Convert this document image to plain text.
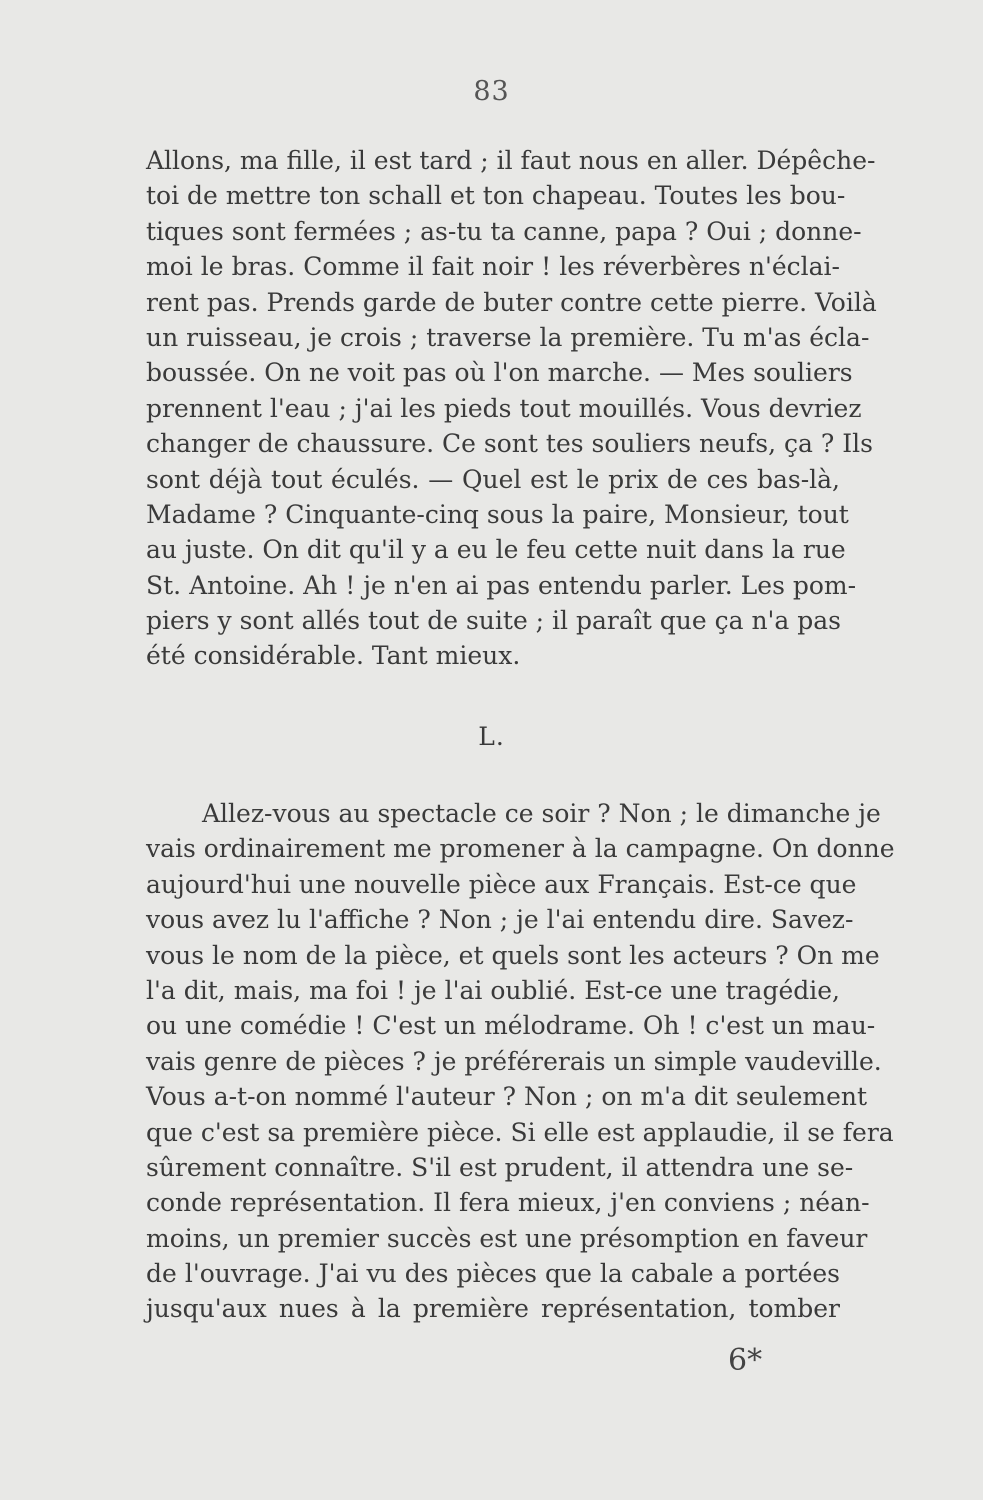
83
Allons, ma fille, il est tard ; il faut nous en aller. Dépêche-
toi de mettre ton schall et ton chapeau. Toutes les bou-
tiques sont fermées ; as-tu ta canne, papa ? Oui ; donne-
moi le bras. Comme il fait noir ! les réverbères n'éclai-
rent pas. Prends garde de buter contre cette pierre. Voilà
un ruisseau, je crois ; traverse la première. Tu m'as écla-
boussée. On ne voit pas où l'on marche. — Mes souliers
prennent l'eau ; j'ai les pieds tout mouillés. Vous devriez
changer de chaussure. Ce sont tes souliers neufs, ça ? Ils
sont déjà tout éculés. — Quel est le prix de ces bas-là,
Madame ? Cinquante-cinq sous la paire, Monsieur, tout
au juste. On dit qu'il y a eu le feu cette nuit dans la rue
St. Antoine. Ah ! je n'en ai pas entendu parler. Les pom-
piers y sont allés tout de suite ; il paraît que ça n'a pas
été considérable. Tant mieux.
L.
Allez-vous au spectacle ce soir ? Non ; le dimanche je
vais ordinairement me promener à la campagne. On donne
aujourd'hui une nouvelle pièce aux Français. Est-ce que
vous avez lu l'affiche ? Non ; je l'ai entendu dire. Savez-
vous le nom de la pièce, et quels sont les acteurs ? On me
l'a dit, mais, ma foi ! je l'ai oublié. Est-ce une tragédie,
ou une comédie ! C'est un mélodrame. Oh ! c'est un mau-
vais genre de pièces ? je préférerais un simple vaudeville.
Vous a-t-on nommé l'auteur ? Non ; on m'a dit seulement
que c'est sa première pièce. Si elle est applaudie, il se fera
sûrement connaître. S'il est prudent, il attendra une se-
conde représentation. Il fera mieux, j'en conviens ; néan-
moins, un premier succès est une présomption en faveur
de l'ouvrage. J'ai vu des pièces que la cabale a portées
jusqu'aux nues à la première représentation, tomber
6*
